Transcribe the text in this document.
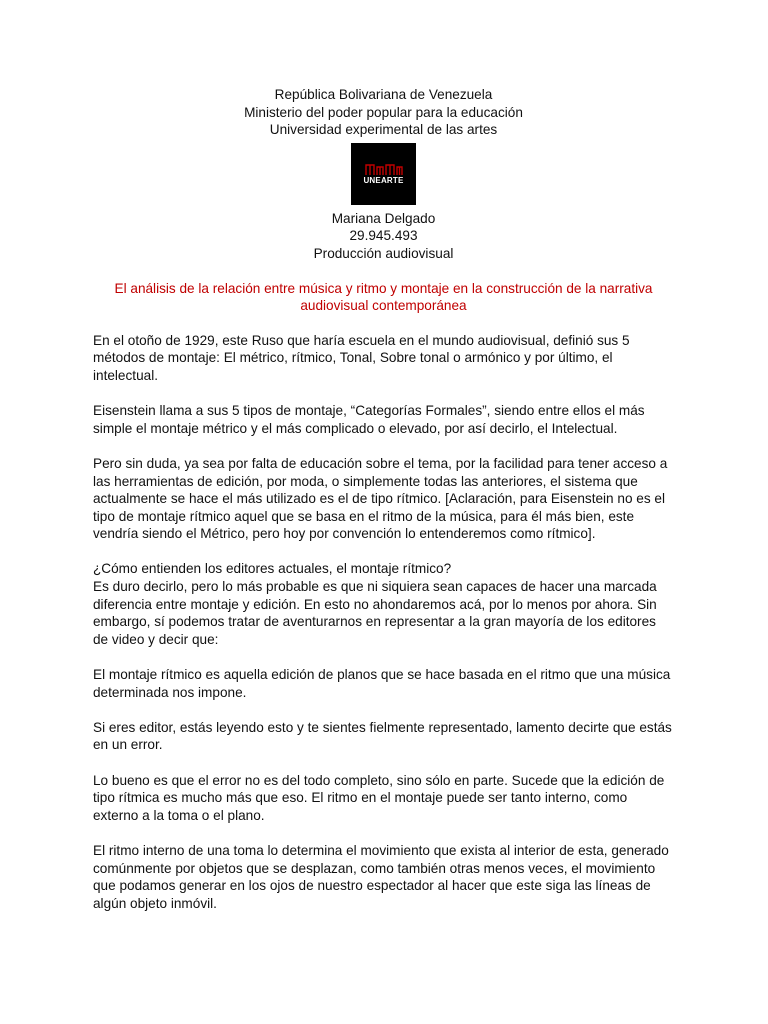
República Bolivariana de Venezuela
Ministerio del poder popular para la educación
Universidad experimental de las artes
UNEARTE
Mariana Delgado
29.945.493
Producción audiovisual
El análisis de la relación entre música y ritmo y montaje en la construcción de la narrativa
audiovisual contemporánea

En el otoño de 1929, este Ruso que haría escuela en el mundo audiovisual, definió sus 5 métodos de montaje: El métrico, rítmico, Tonal, Sobre tonal o armónico y por último, el intelectual.

Eisenstein llama a sus 5 tipos de montaje, “Categorías Formales”, siendo entre ellos el más simple el montaje métrico y el más complicado o elevado, por así decirlo, el Intelectual.

Pero sin duda, ya sea por falta de educación sobre el tema, por la facilidad para tener acceso a las herramientas de edición, por moda, o simplemente todas las anteriores, el sistema que actualmente se hace el más utilizado es el de tipo rítmico. [Aclaración, para Eisenstein no es el tipo de montaje rítmico aquel que se basa en el ritmo de la música, para él más bien, este vendría siendo el Métrico, pero hoy por convención lo entenderemos como rítmico].

¿Cómo entienden los editores actuales, el montaje rítmico?
Es duro decirlo, pero lo más probable es que ni siquiera sean capaces de hacer una marcada diferencia entre montaje y edición. En esto no ahondaremos acá, por lo menos por ahora. Sin embargo, sí podemos tratar de aventurarnos en representar a la gran mayoría de los editores de video y decir que:

El montaje rítmico es aquella edición de planos que se hace basada en el ritmo que una música determinada nos impone.

Si eres editor, estás leyendo esto y te sientes fielmente representado, lamento decirte que estás en un error.

Lo bueno es que el error no es del todo completo, sino sólo en parte. Sucede que la edición de tipo rítmica es mucho más que eso. El ritmo en el montaje puede ser tanto interno, como externo a la toma o el plano.

El ritmo interno de una toma lo determina el movimiento que exista al interior de esta, generado comúnmente por objetos que se desplazan, como también otras menos veces, el movimiento que podamos generar en los ojos de nuestro espectador al hacer que este siga las líneas de algún objeto inmóvil.
